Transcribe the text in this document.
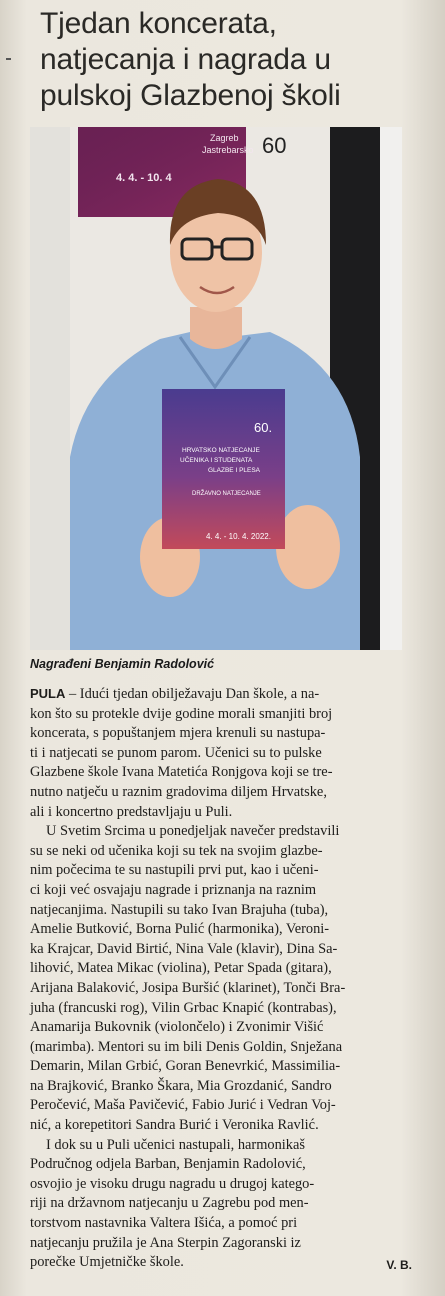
Tjedan koncerata,
natjecanja i nagrada u
pulskoj Glazbenoj školi
Zagreb
Jastrebarsko
4. 4. - 10. 4
60
60.
HRVATSKO NATJECANJE
UČENIKA I STUDENATA
GLAZBE I PLESA
DRŽAVNO NATJECANJE
4. 4. - 10. 4. 2022.
Nagrađeni Benjamin Radolović
PULA – Idući tjedan obilježavaju Dan škole, a na-
kon što su protekle dvije godine morali smanjiti broj
koncerata, s popuštanjem mjera krenuli su nastupa-
ti i natjecati se punom parom. Učenici su to pulske
Glazbene škole Ivana Matetića Ronjgova koji se tre-
nutno natječu u raznim gradovima diljem Hrvatske,
ali i koncertno predstavljaju u Puli.
U Svetim Srcima u ponedjeljak navečer predstavili
su se neki od učenika koji su tek na svojim glazbe-
nim počecima te su nastupili prvi put, kao i učeni-
ci koji već osvajaju nagrade i priznanja na raznim
natjecanjima. Nastupili su tako Ivan Brajuha (tuba),
Amelie Butković, Borna Pulić (harmonika), Veroni-
ka Krajcar, David Birtić, Nina Vale (klavir), Dina Sa-
lihović, Matea Mikac (violina), Petar Spada (gitara),
Arijana Balaković, Josipa Buršić (klarinet), Tonči Bra-
juha (francuski rog), Vilin Grbac Knapić (kontrabas),
Anamarija Bukovnik (violončelo) i Zvonimir Višić
(marimba). Mentori su im bili Denis Goldin, Snježana
Demarin, Milan Grbić, Goran Benevrkić, Massimilia-
na Brajković, Branko Škara, Mia Grozdanić, Sandro
Peročević, Maša Pavičević, Fabio Jurić i Vedran Voj-
nić, a korepetitori Sandra Burić i Veronika Ravlić.
I dok su u Puli učenici nastupali, harmonikaš
Područnog odjela Barban, Benjamin Radolović,
osvojio je visoku drugu nagradu u drugoj katego-
riji na državnom natjecanju u Zagrebu pod men-
torstvom nastavnika Valtera Išića, a pomoć pri
natjecanju pružila je Ana Sterpin Zagoranski iz
porečke Umjetničke škole.	V. B.
